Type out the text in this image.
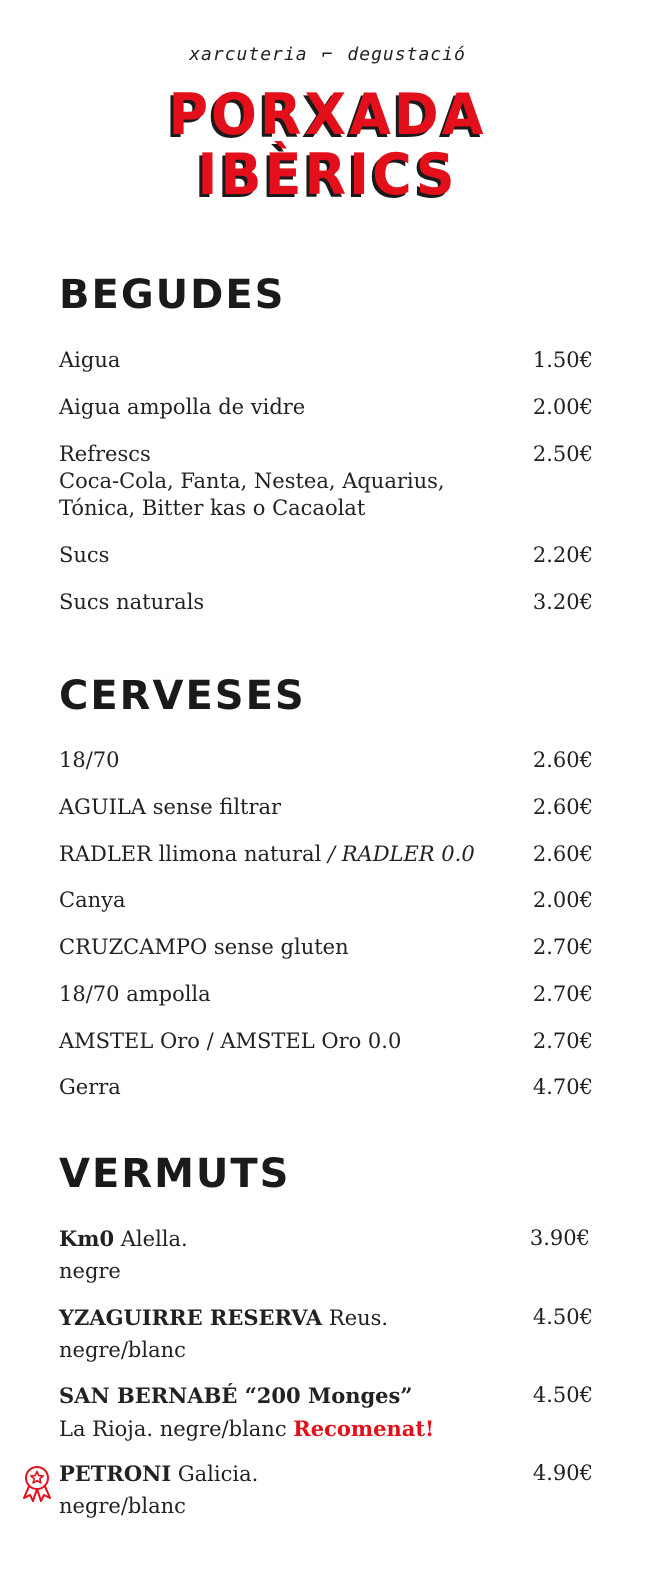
xarcuteria ⌐ degustació
PORXADA
IBÈRICS
BEGUDES
Aigua	1.50€
Aigua ampolla de vidre	2.00€
Refrescs
Coca-Cola, Fanta, Nestea, Aquarius,
Tónica, Bitter kas o Cacaolat
2.50€
Sucs	2.20€
Sucs naturals	3.20€
CERVESES
18/70	2.60€
AGUILA sense filtrar	2.60€
RADLER llimona natural / RADLER 0.0	2.60€
Canya	2.00€
CRUZCAMPO sense gluten	2.70€
18/70 ampolla	2.70€
AMSTEL Oro / AMSTEL Oro 0.0	2.70€
Gerra	4.70€
VERMUTS
Km0 Alella.
negre
3.90€
YZAGUIRRE RESERVA Reus.
negre/blanc
4.50€
SAN BERNABÉ “200 Monges”
La Rioja. negre/blanc Recomenat!
4.50€
PETRONI Galicia.
negre/blanc
4.90€
